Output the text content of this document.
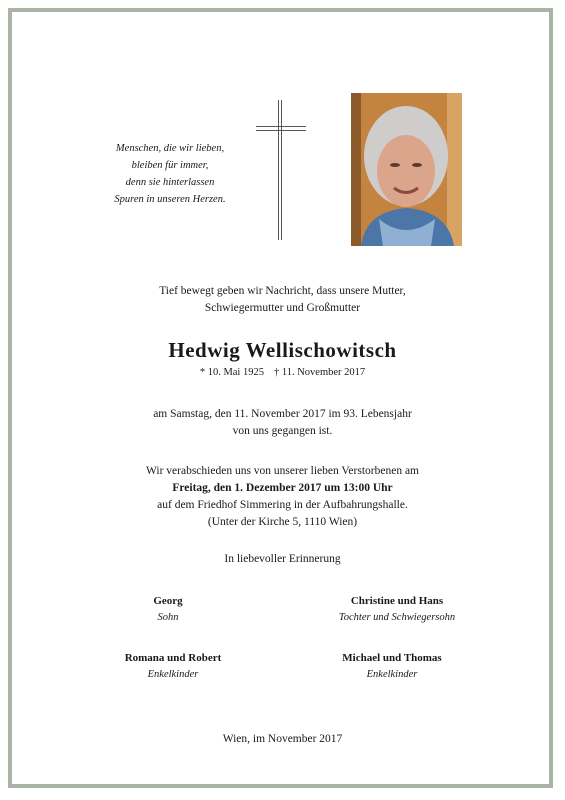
Menschen, die wir lieben,
bleiben für immer,
denn sie hinterlassen
Spuren in unseren Herzen.
Tief bewegt geben wir Nachricht, dass unsere Mutter,
Schwiegermutter und Großmutter
Hedwig Wellischowitsch
* 10. Mai 1925 † 11. November 2017
am Samstag, den 11. November 2017 im 93. Lebensjahr
von uns gegangen ist.
Wir verabschieden uns von unserer lieben Verstorbenen am
Freitag, den 1. Dezember 2017 um 13:00 Uhr
auf dem Friedhof Simmering in der Aufbahrungshalle.
(Unter der Kirche 5, 1110 Wien)
In liebevoller Erinnerung
Georg
Sohn
Christine und Hans
Tochter und Schwiegersohn
Romana und Robert
Enkelkinder
Michael und Thomas
Enkelkinder
Wien, im November 2017
